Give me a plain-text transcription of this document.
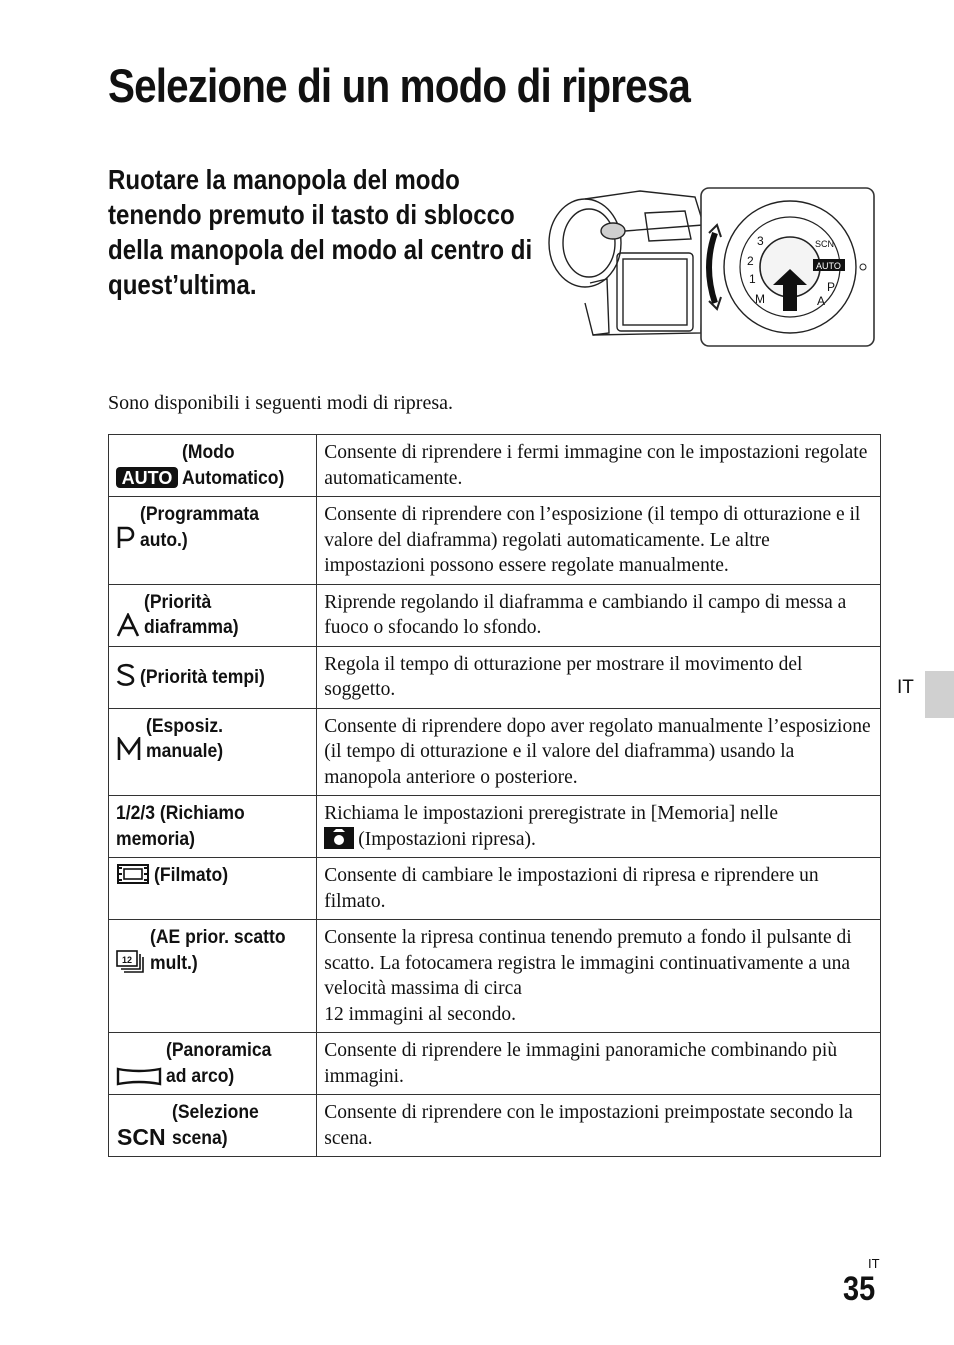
Selezione di un modo di ripresa
Ruotare la manopola del modo tenendo premuto il tasto di sblocco della manopola del modo al centro di quest’ultima.
SCN
AUTO
P
A
M
1
2
3
Sono disponibili i seguenti modi di ripresa.
AUTO
(Modo
Automatico)	Consente di riprendere i fermi immagine con le impostazioni regolate automaticamente.
(Programmata
auto.)	Consente di riprendere con l’esposizione (il tempo di otturazione e il valore del diaframma) regolati automaticamente. Le altre impostazioni possono essere regolate manualmente.
(Priorità
diaframma)	Riprende regolando il diaframma e cambiando il campo di messa a fuoco o sfocando lo sfondo.
(Priorità tempi)	Regola il tempo di otturazione per mostrare il movimento del soggetto.
(Esposiz.
manuale)	Consente di riprendere dopo aver regolato manualmente l’esposizione (il tempo di otturazione e il valore del diaframma) usando la manopola anteriore o posteriore.
1/2/3 (Richiamo
memoria)	Richiama le impostazioni preregistrate in [Memoria] nelle
(Impostazioni ripresa).
(Filmato)	Consente di cambiare le impostazioni di ripresa e riprendere un filmato.

12
(AE prior. scatto
mult.)	Consente la ripresa continua tenendo premuto a fondo il pulsante di scatto. La fotocamera registra le immagini continuativamente a una velocità massima di circa
12 immagini al secondo.
(Panoramica
ad arco)	Consente di riprendere le immagini panoramiche combinando più immagini.

SCN
(Selezione
scena)	Consente di riprendere con le impostazioni preimpostate secondo la scena.
IT
IT
35
